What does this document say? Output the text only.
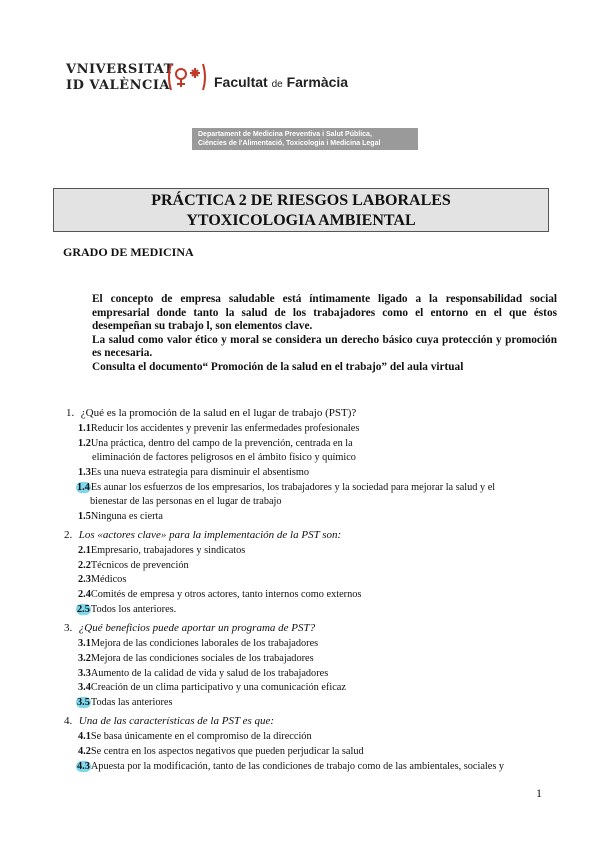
VNIVERSITAT
ID VALÈNCIA	Facultat de Farmàcia
Departament de Medicina Preventiva i Salut Pública,
Ciències de l'Alimentació, Toxicologia i Medicina Legal
PRÁCTICA 2 DE RIESGOS LABORALES
YTOXICOLOGIA AMBIENTAL
GRADO DE MEDICINA

El concepto de empresa saludable está íntimamente ligado a la responsabilidad social empresarial donde tanto la salud de los trabajadores como el entorno en el que éstos desempeñan su trabajo l, son elementos clave.

La salud como valor ético y moral se considera un derecho básico cuya protección y promoción es necesaria.

Consulta el documento“ Promoción de la salud en el trabajo” del aula virtual

1. ¿Qué es la promoción de la salud en el lugar de trabajo (PST)?
1.1Reducir los accidentes y prevenir las enfermedades profesionales
1.2Una práctica, dentro del campo de la prevención, centrada en la
eliminación de factores peligrosos en el ámbito físico y químico
1.3Es una nueva estrategia para disminuir el absentismo
1.4Es aunar los esfuerzos de los empresarios, los trabajadores y la sociedad para mejorar la salud y el
bienestar de las personas en el lugar de trabajo
1.5Ninguna es cierta
2. Los «actores clave» para la implementación de la PST son:
2.1Empresario, trabajadores y sindicatos
2.2Técnicos de prevención
2.3Médicos
2.4Comités de empresa y otros actores, tanto internos como externos
2.5Todos los anteriores.
3. ¿Qué beneficios puede aportar un programa de PST?
3.1Mejora de las condiciones laborales de los trabajadores
3.2Mejora de las condiciones sociales de los trabajadores
3.3Aumento de la calidad de vida y salud de los trabajadores
3.4Creación de un clima participativo y una comunicación eficaz
3.5Todas las anteriores
4. Una de las características de la PST es que:
4.1Se basa únicamente en el compromiso de la dirección
4.2Se centra en los aspectos negativos que pueden perjudicar la salud
4.3Apuesta por la modificación, tanto de las condiciones de trabajo como de las ambientales, sociales y
1
